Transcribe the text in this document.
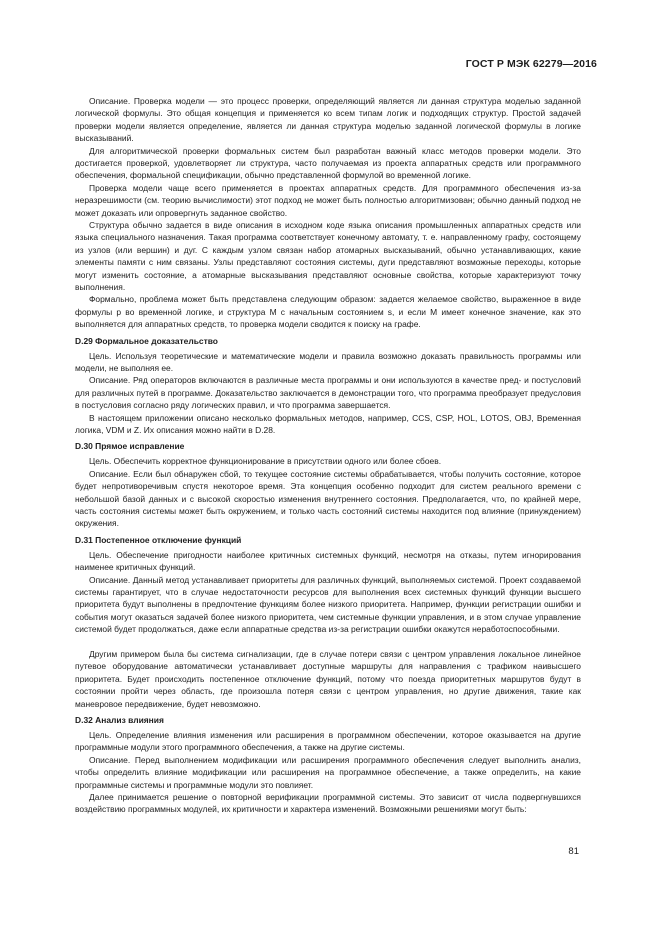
ГОСТ Р МЭК 62279—2016

Описание. Проверка модели — это процесс проверки, определяющий является ли данная структура моделью заданной логической формулы. Это общая концепция и применяется ко всем типам логик и подходящих структур. Простой задачей проверки модели является определение, является ли данная структура моделью заданной логической формулы в логике высказываний.

Для алгоритмической проверки формальных систем был разработан важный класс методов проверки модели. Это достигается проверкой, удовлетворяет ли структура, часто получаемая из проекта аппаратных средств или программного обеспечения, формальной спецификации, обычно представленной формулой во временной логике.

Проверка модели чаще всего применяется в проектах аппаратных средств. Для программного обеспечения из-за неразрешимости (см. теорию вычислимости) этот подход не может быть полностью алгоритмизован; обычно данный подход не может доказать или опровергнуть заданное свойство.

Структура обычно задается в виде описания в исходном коде языка описания промышленных аппаратных средств или языка специального назначения. Такая программа соответствует конечному автомату, т. е. направленному графу, состоящему из узлов (или вершин) и дуг. С каждым узлом связан набор атомарных высказываний, обычно устанавливающих, какие элементы памяти с ним связаны. Узлы представляют состояния системы, дуги представляют возможные переходы, которые могут изменить состояние, а атомарные высказывания представляют основные свойства, которые характеризуют точку выполнения.

Формально, проблема может быть представлена следующим образом: задается желаемое свойство, выраженное в виде формулы р во временной логике, и структура М с начальным состоянием s, и если М имеет конечное значение, как это выполняется для аппаратных средств, то проверка модели сводится к поиску на графе.

D.29 Формальное доказательство

Цель. Используя теоретические и математические модели и правила возможно доказать правильность программы или модели, не выполняя ее.

Описание. Ряд операторов включаются в различные места программы и они используются в качестве пред- и постусловий для различных путей в программе. Доказательство заключается в демонстрации того, что программа преобразует предусловия в постусловия согласно ряду логических правил, и что программа завершается.

В настоящем приложении описано несколько формальных методов, например, CCS, CSP, HOL, LOTOS, OBJ, Временная логика, VDM и Z. Их описания можно найти в D.28.

D.30 Прямое исправление

Цель. Обеспечить корректное функционирование в присутствии одного или более сбоев.

Описание. Если был обнаружен сбой, то текущее состояние системы обрабатывается, чтобы получить состояние, которое будет непротиворечивым спустя некоторое время. Эта концепция особенно подходит для систем реального времени с небольшой базой данных и с высокой скоростью изменения внутреннего состояния. Предполагается, что, по крайней мере, часть состояния системы может быть окружением, и только часть состояний системы находится под влияние (принуждением) окружения.

D.31 Постепенное отключение функций

Цель. Обеспечение пригодности наиболее критичных системных функций, несмотря на отказы, путем игнорирования наименее критичных функций.

Описание. Данный метод устанавливает приоритеты для различных функций, выполняемых системой. Проект создаваемой системы гарантирует, что в случае недостаточности ресурсов для выполнения всех системных функций функции высшего приоритета будут выполнены в предпочтение функциям более низкого приоритета. Например, функции регистрации ошибки и события могут оказаться задачей более низкого приоритета, чем системные функции управления, и в этом случае управление системой будет продолжаться, даже если аппаратные средства из-за регистрации ошибки окажутся неработоспособными.

Другим примером была бы система сигнализации, где в случае потери связи с центром управления локальное линейное путевое оборудование автоматически устанавливает доступные маршруты для направления с трафиком наивысшего приоритета. Будет происходить постепенное отключение функций, потому что поезда приоритетных маршрутов будут в состоянии пройти через область, где произошла потеря связи с центром управления, но другие движения, такие как маневровое передвижение, будет невозможно.

D.32 Анализ влияния

Цель. Определение влияния изменения или расширения в программном обеспечении, которое оказывается на другие программные модули этого программного обеспечения, а также на другие системы.

Описание. Перед выполнением модификации или расширения программного обеспечения следует выполнить анализ, чтобы определить влияние модификации или расширения на программное обеспечение, а также определить, на какие программные системы и программные модули это повлияет.

Далее принимается решение о повторной верификации программной системы. Это зависит от числа подвергнувшихся воздействию программных модулей, их критичности и характера изменений. Возможными решениями могут быть:

81
